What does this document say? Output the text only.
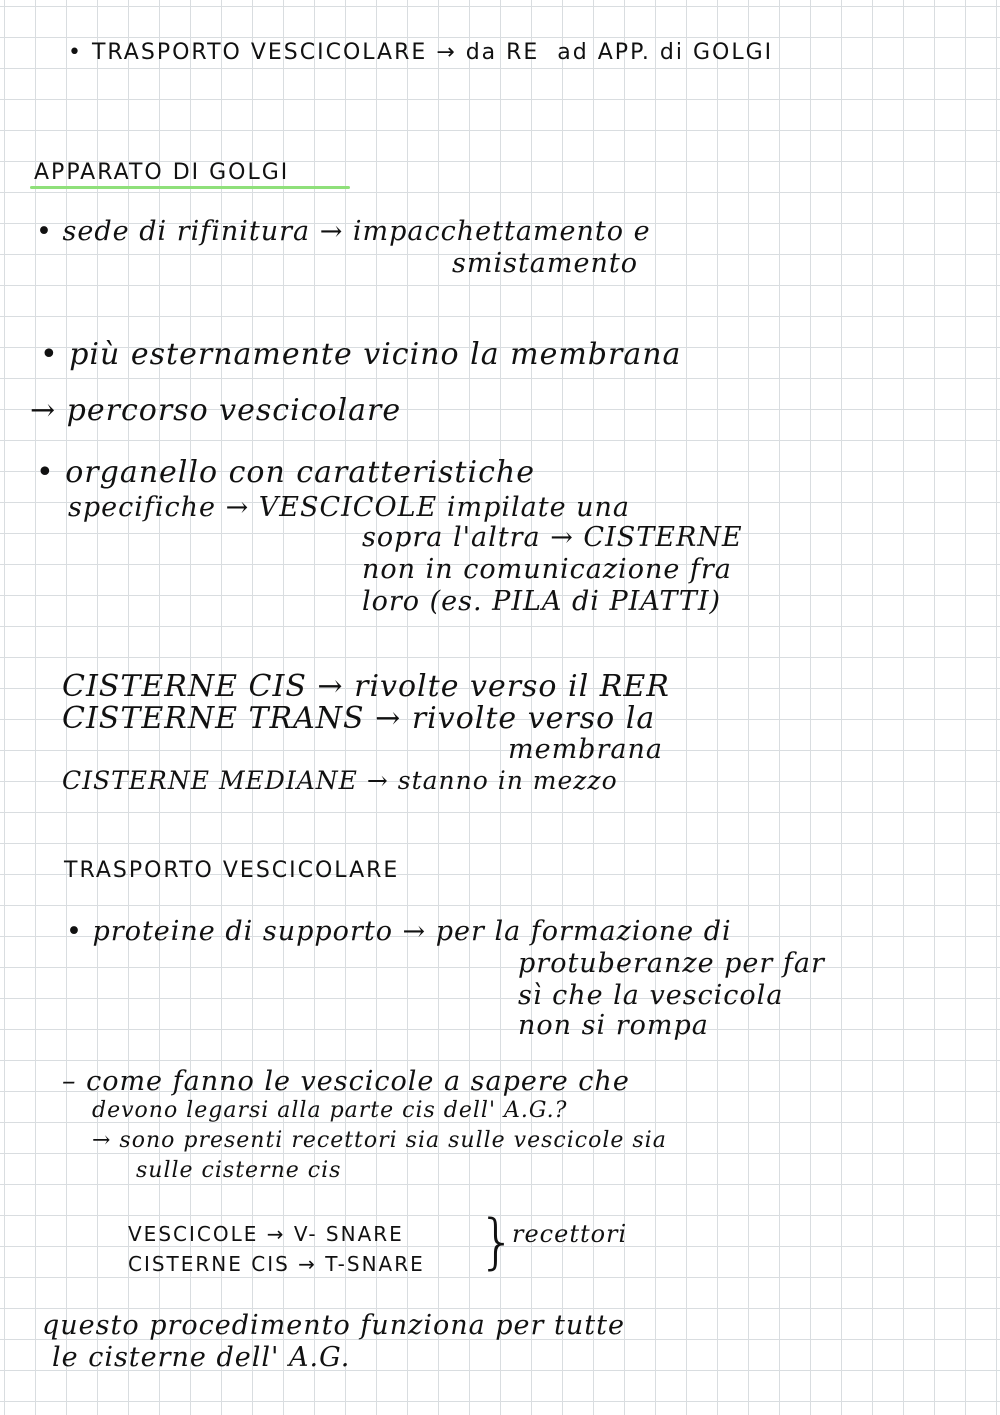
• TRASPORTO VESCICOLARE → da RE  ad APP. di GOLGI
APPARATO DI GOLGI
• sede di rifinitura → impacchettamento e
smistamento
• più esternamente vicino la membrana
→ percorso vescicolare
• organello con caratteristiche
specifiche → VESCICOLE impilate una
sopra l'altra → CISTERNE
non in comunicazione fra
loro (es. PILA di PIATTI)
CISTERNE CIS → rivolte verso il RER
CISTERNE TRANS → rivolte verso la
membrana
CISTERNE MEDIANE → stanno in mezzo
TRASPORTO VESCICOLARE
• proteine di supporto → per la formazione di
protuberanze per far
sì che la vescicola
non si rompa
– come fanno le vescicole a sapere che
devono legarsi alla parte cis dell' A.G.?
→ sono presenti recettori sia sulle vescicole sia
sulle cisterne cis
VESCICOLE → V- SNARE
CISTERNE CIS → T-SNARE }
recettori
questo procedimento funziona per tutte
le cisterne dell' A.G.
